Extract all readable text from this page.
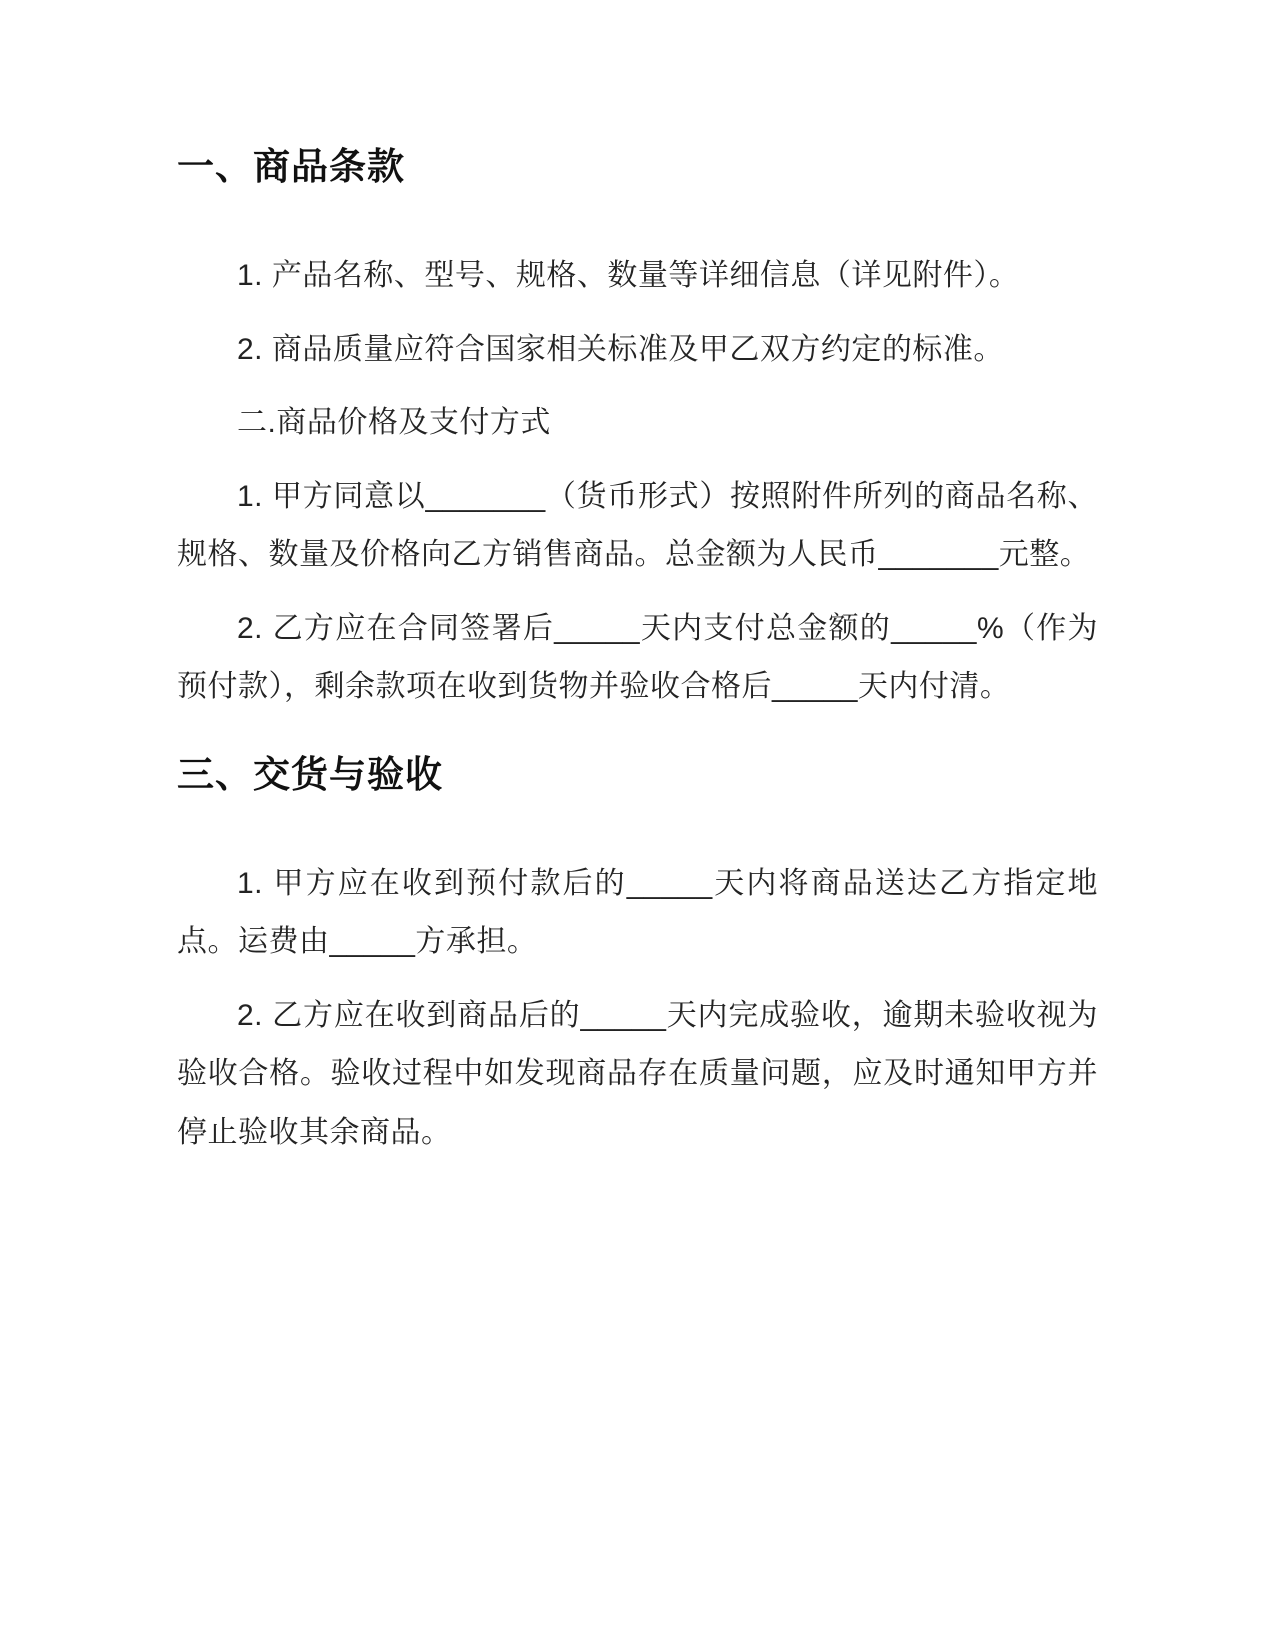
一、商品条款

1. 产品名称、型号、规格、数量等详细信息（详见附件）。

2. 商品质量应符合国家相关标准及甲乙双方约定的标准。

二.商品价格及支付方式

1. 甲方同意以_______（货币形式）按照附件所列的商品名称、规格、数量及价格向乙方销售商品。总金额为人民币_______元整。

2. 乙方应在合同签署后_____天内支付总金额的_____%（作为预付款），剩余款项在收到货物并验收合格后_____天内付清。

三、交货与验收

1. 甲方应在收到预付款后的_____天内将商品送达乙方指定地点。运费由_____方承担。

2. 乙方应在收到商品后的_____天内完成验收，逾期未验收视为验收合格。验收过程中如发现商品存在质量问题，应及时通知甲方并停止验收其余商品。
